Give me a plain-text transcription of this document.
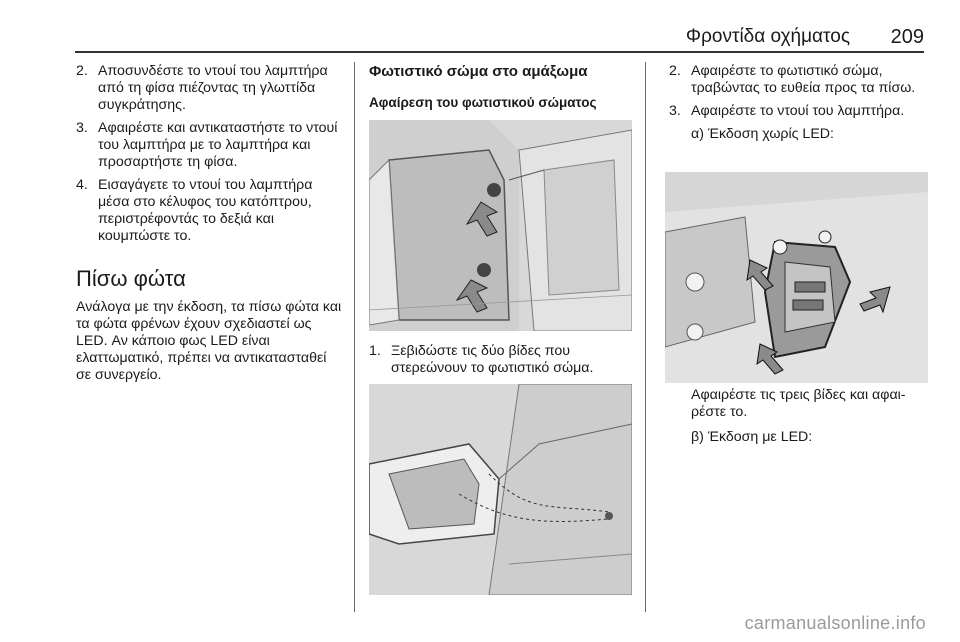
Φροντίδα οχήματος 209
2. Αποσυνδέστε το ντουί του λαμπτήρα από τη φίσα πιέζοντας τη γλωττίδα συγκράτησης.
3. Αφαιρέστε και αντικαταστήστε το ντουί του λαμπτήρα με το λαμπτήρα και προσαρτήστε τη φίσα.
4. Εισαγάγετε το ντουί του λαμπτήρα μέσα στο κέλυφος του κατόπτρου, περιστρέφοντάς το δεξιά και κουμπώστε το.
Πίσω φώτα

Ανάλογα με την έκδοση, τα πίσω φώτα και τα φώτα φρένων έχουν σχεδιαστεί ως LED. Αν κάποιο φως LED είναι ελαττωματικό, πρέπει να αντικατασταθεί σε συνεργείο.

Φωτιστικό σώμα στο αμάξωμα
Αφαίρεση του φωτιστικού σώματος
1. Ξεβιδώστε τις δύο βίδες που στερεώνουν το φωτιστικό σώμα.
2. Αφαιρέστε το φωτιστικό σώμα, τραβώντας το ευθεία προς τα πίσω.
3. Αφαιρέστε το ντουί του λαμπτήρα.
α) Έκδοση χωρίς LED:

Αφαιρέστε τις τρεις βίδες και αφαι-ρέστε το.

β) Έκδοση με LED:
carmanualsonline.info
